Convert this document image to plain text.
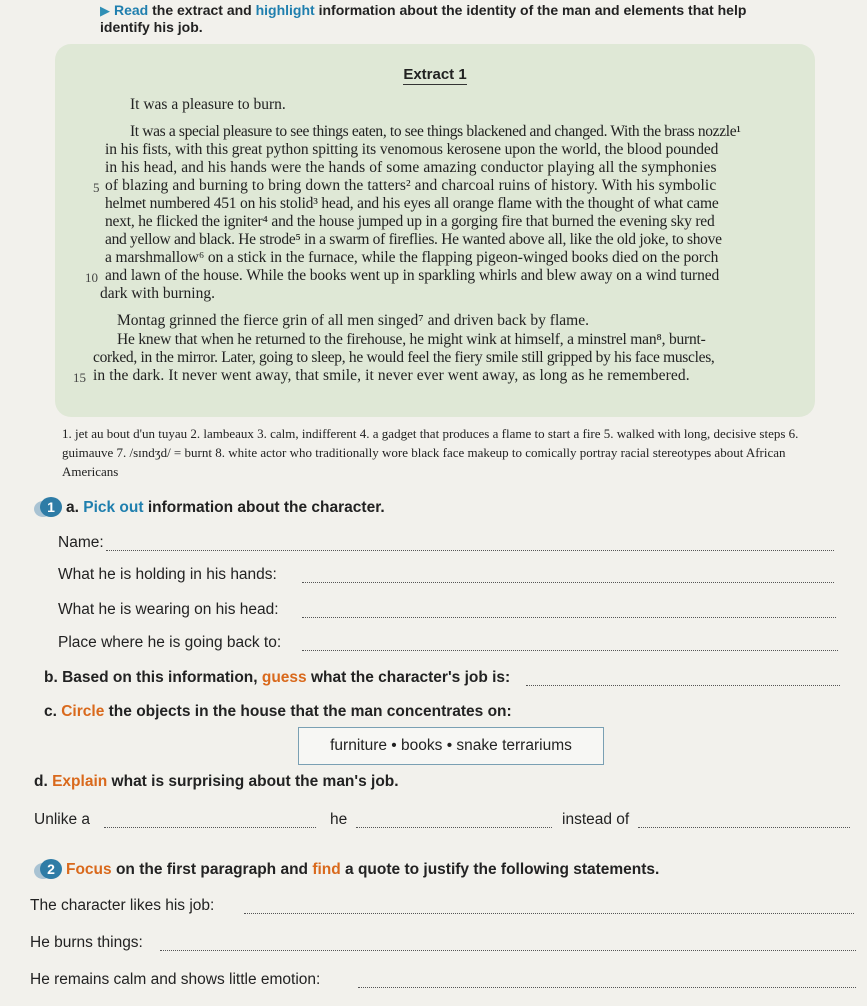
▶ Read the extract and highlight information about the identity of the man and elements that help
identify his job.
Extract 1
It was a pleasure to burn.
It was a special pleasure to see things eaten, to see things blackened and changed. With the brass nozzle¹
in his fists, with this great python spitting its venomous kerosene upon the world, the blood pounded
in his head, and his hands were the hands of some amazing conductor playing all the symphonies
of blazing and burning to bring down the tatters² and charcoal ruins of history. With his symbolic
helmet numbered 451 on his stolid³ head, and his eyes all orange flame with the thought of what came
next, he flicked the igniter⁴ and the house jumped up in a gorging fire that burned the evening sky red
and yellow and black. He strode⁵ in a swarm of fireflies. He wanted above all, like the old joke, to shove
a marshmallow⁶ on a stick in the furnace, while the flapping pigeon-winged books died on the porch
and lawn of the house. While the books went up in sparkling whirls and blew away on a wind turned
dark with burning.
Montag grinned the fierce grin of all men singed⁷ and driven back by flame.
He knew that when he returned to the firehouse, he might wink at himself, a minstrel man⁸, burnt-
corked, in the mirror. Later, going to sleep, he would feel the fiery smile still gripped by his face muscles,
in the dark. It never went away, that smile, it never ever went away, as long as he remembered.
5
10
15
1. jet au bout d'un tuyau 2. lambeaux 3. calm, indifferent 4. a gadget that produces a flame to start a fire 5. walked with long, decisive steps 6. guimauve 7. /sɪndʒd/ = burnt 8. white actor who traditionally wore black face makeup to comically portray racial stereotypes about African Americans
1 a. Pick out information about the character.
Name:
What he is holding in his hands:
What he is wearing on his head:
Place where he is going back to:
b. Based on this information, guess what the character's job is:
c. Circle the objects in the house that the man concentrates on:
furniture • books • snake terrariums
d. Explain what is surprising about the man's job.
Unlike a	he	instead of
2 Focus on the first paragraph and find a quote to justify the following statements.
The character likes his job:
He burns things:
He remains calm and shows little emotion:
